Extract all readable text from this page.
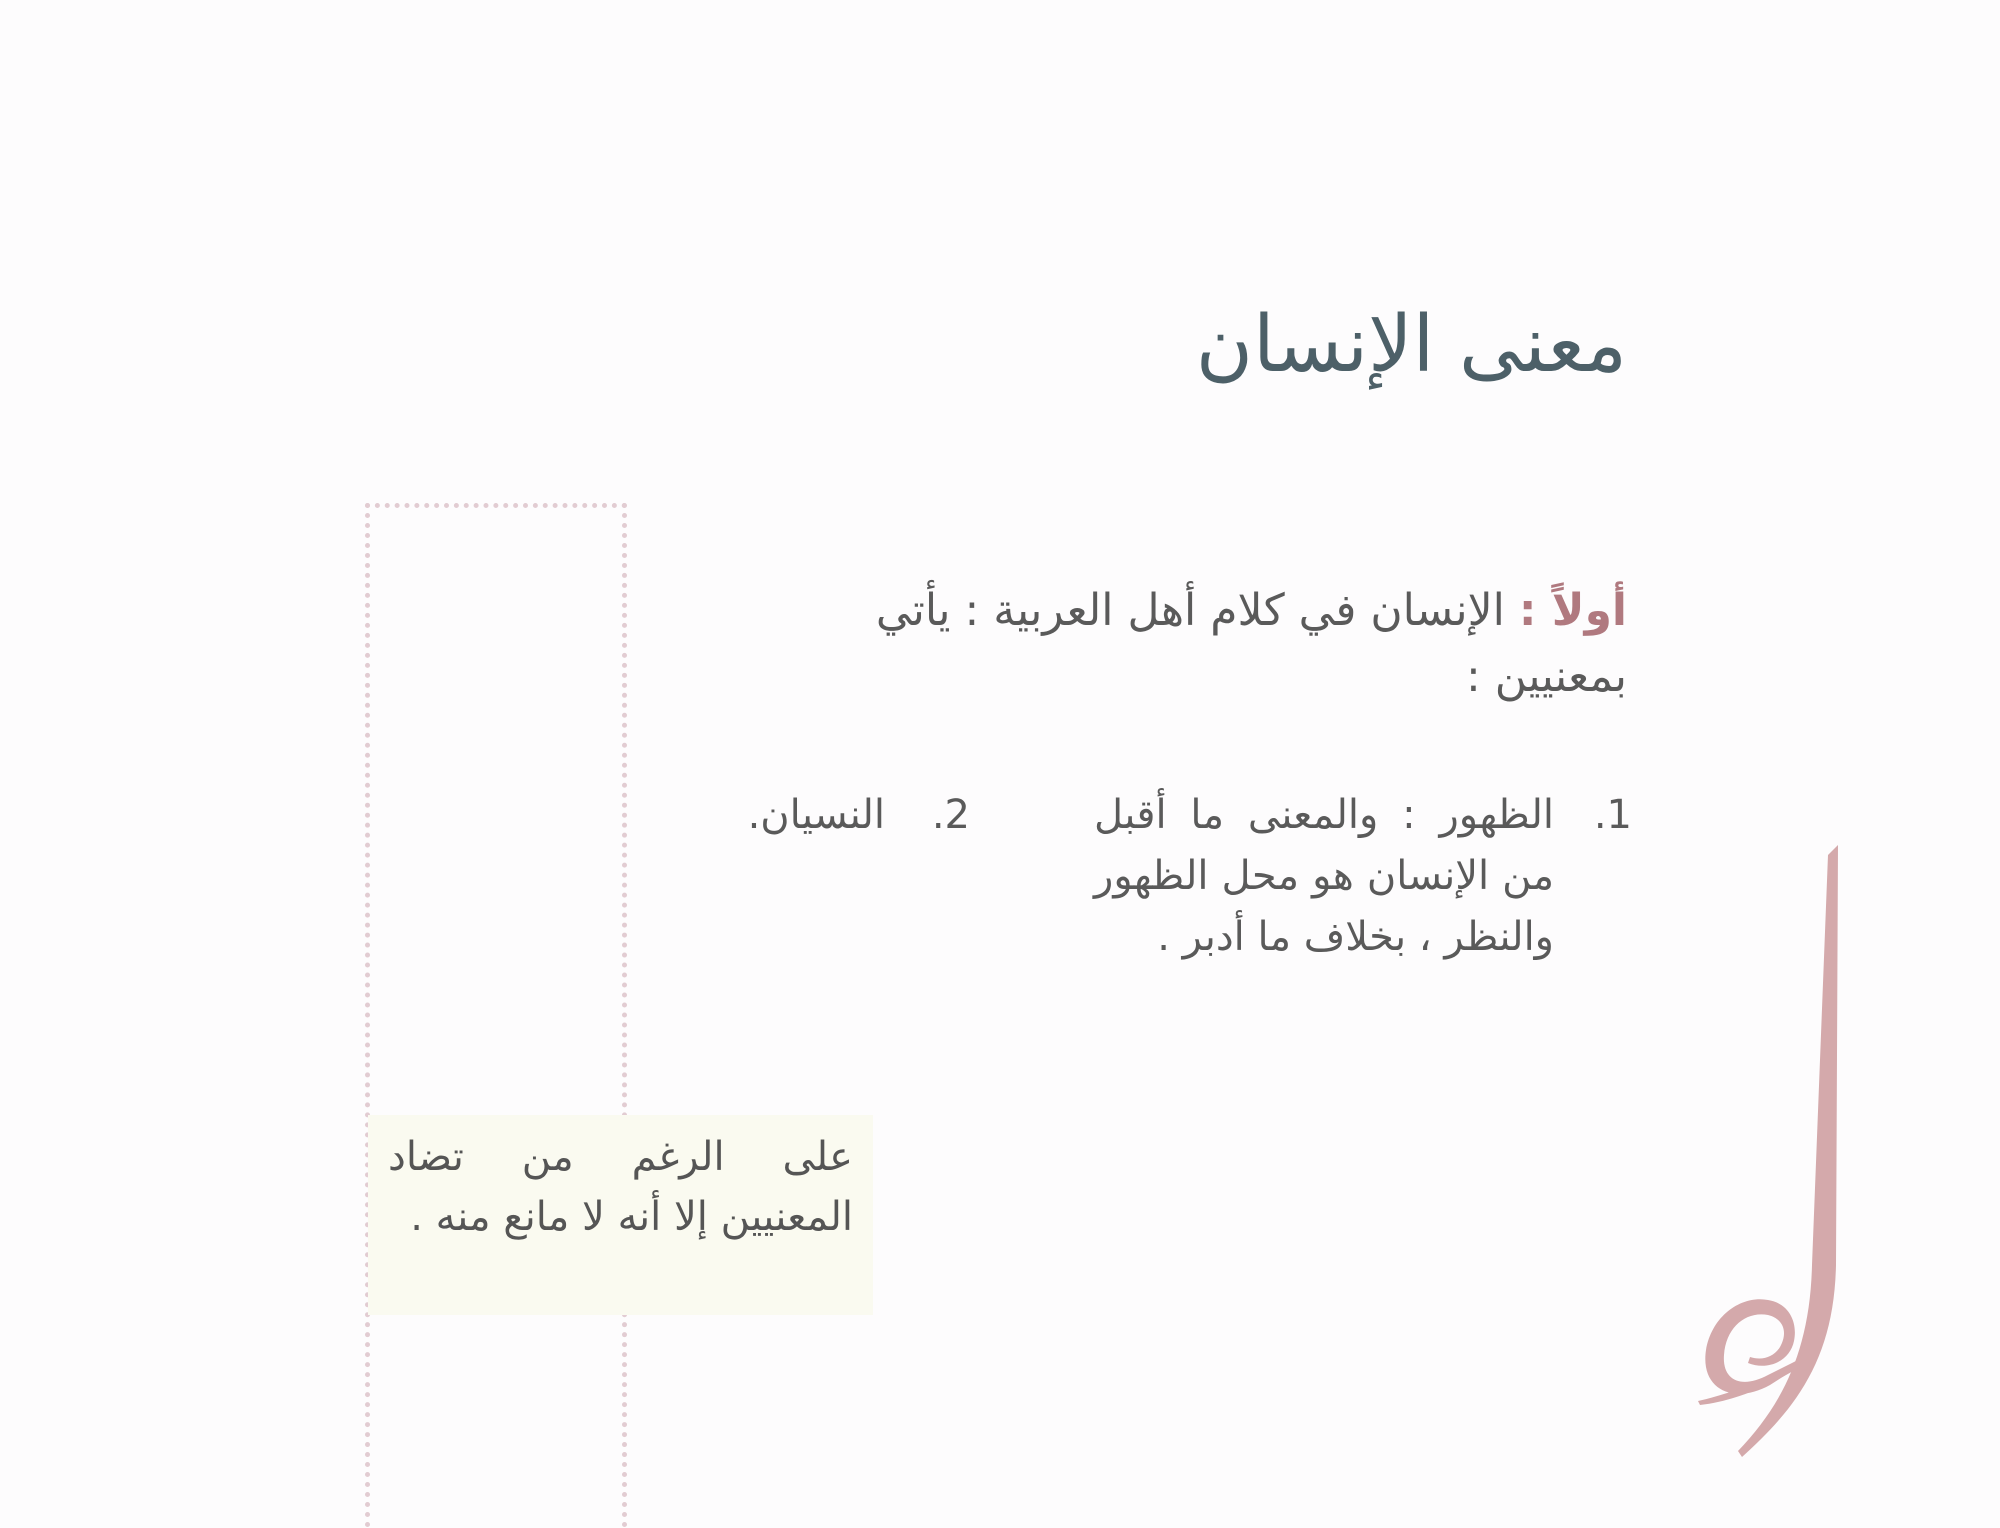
معنى الإنسان
أولاً : الإنسان في كلام أهل العربية : يأتي بمعنيين :
1.
الظهور : والمعنى ما أقبل من الإنسان هو محل الظهور والنظر ، بخلاف ما أدبر .
2.
النسيان.
على الرغم من تضاد المعنيين إلا أنه لا مانع منه .
